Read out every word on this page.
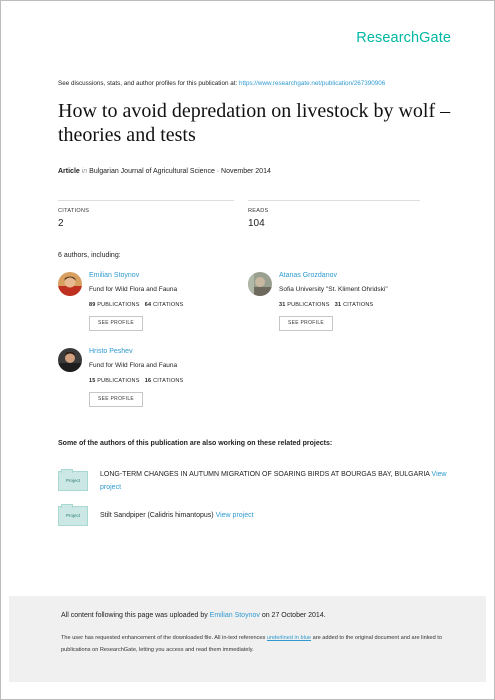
ResearchGate
See discussions, stats, and author profiles for this publication at: https://www.researchgate.net/publication/267390906
How to avoid depredation on livestock by wolf – theories and tests
Article in Bulgarian Journal of Agricultural Science · November 2014
CITATIONS
2
READS
104
6 authors, including:
Emilian Stoynov
Fund for Wild Flora and Fauna
89 PUBLICATIONS 64 CITATIONS
SEE PROFILE
Atanas Grozdanov
Sofia University "St. Kliment Ohridski"
31 PUBLICATIONS 31 CITATIONS
SEE PROFILE
Hristo Peshev
Fund for Wild Flora and Fauna
15 PUBLICATIONS 16 CITATIONS
SEE PROFILE
Some of the authors of this publication are also working on these related projects:
Project
LONG-TERM CHANGES IN AUTUMN MIGRATION OF SOARING BIRDS AT BOURGAS BAY, BULGARIA View project
Project	Stilt Sandpiper (Calidris himantopus) View project
All content following this page was uploaded by Emilian Stoynov on 27 October 2014.
The user has requested enhancement of the downloaded file. All in-text references underlined in blue are added to the original document and are linked to publications on ResearchGate, letting you access and read them immediately.
